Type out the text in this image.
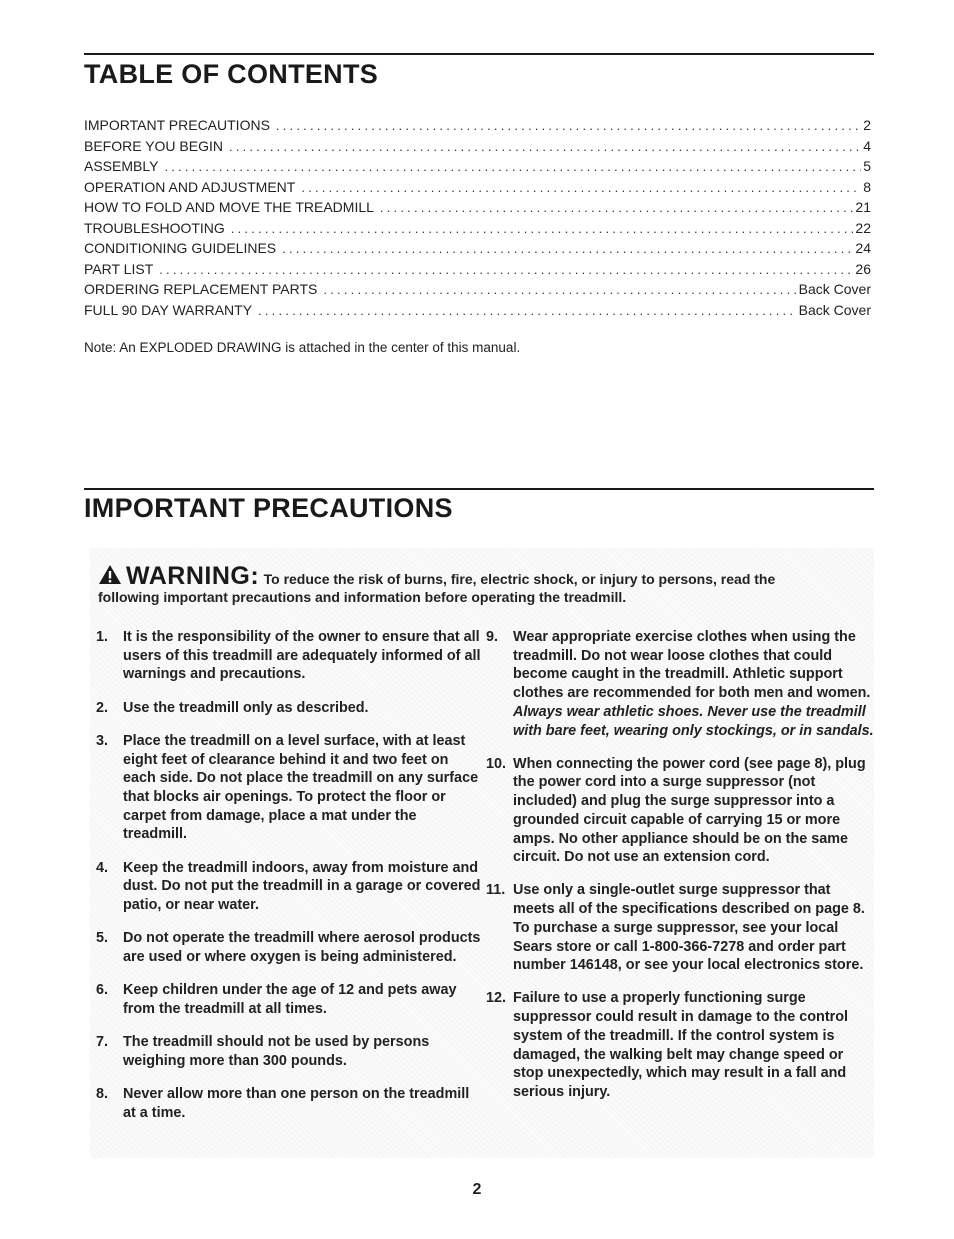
TABLE OF CONTENTS
IMPORTANT PRECAUTIONS .....	2
BEFORE YOU BEGIN .....	4
ASSEMBLY .....	5
OPERATION AND ADJUSTMENT .....	8
HOW TO FOLD AND MOVE THE TREADMILL .....	21
TROUBLESHOOTING .....	22
CONDITIONING GUIDELINES .....	24
PART LIST .....	26
ORDERING REPLACEMENT PARTS .....	Back Cover
FULL 90 DAY WARRANTY .....	Back Cover
Note: An EXPLODED DRAWING is attached in the center of this manual.
IMPORTANT PRECAUTIONS
WARNING: To reduce the risk of burns, fire, electric shock, or injury to persons, read the
following important precautions and information before operating the treadmill.
1.	It is the responsibility of the owner to ensure that all users of this treadmill are adequately informed of all warnings and precautions.
2.	Use the treadmill only as described.
3.	Place the treadmill on a level surface, with at least eight feet of clearance behind it and two feet on each side. Do not place the treadmill on any surface that blocks air openings. To protect the floor or carpet from damage, place a mat under the treadmill.
4.	Keep the treadmill indoors, away from moisture and dust. Do not put the treadmill in a garage or covered patio, or near water.
5.	Do not operate the treadmill where aerosol products are used or where oxygen is being administered.
6.	Keep children under the age of 12 and pets away from the treadmill at all times.
7.	The treadmill should not be used by persons weighing more than 300 pounds.
8.	Never allow more than one person on the treadmill at a time.
9.	Wear appropriate exercise clothes when using the treadmill. Do not wear loose clothes that could become caught in the treadmill. Athletic support clothes are recommended for both men and women. Always wear athletic shoes. Never use the treadmill with bare feet, wearing only stockings, or in sandals.
10. When connecting the power cord (see page 8), plug the power cord into a surge suppressor (not included) and plug the surge suppressor into a grounded circuit capable of carrying 15 or more amps. No other appliance should be on the same circuit. Do not use an extension cord.
11. Use only a single-outlet surge suppressor that meets all of the specifications described on page 8. To purchase a surge suppressor, see your local Sears store or call 1-800-366-7278 and order part number 146148, or see your local electronics store.
12. Failure to use a properly functioning surge suppressor could result in damage to the control system of the treadmill. If the control system is damaged, the walking belt may change speed or stop unexpectedly, which may result in a fall and serious injury.
2
